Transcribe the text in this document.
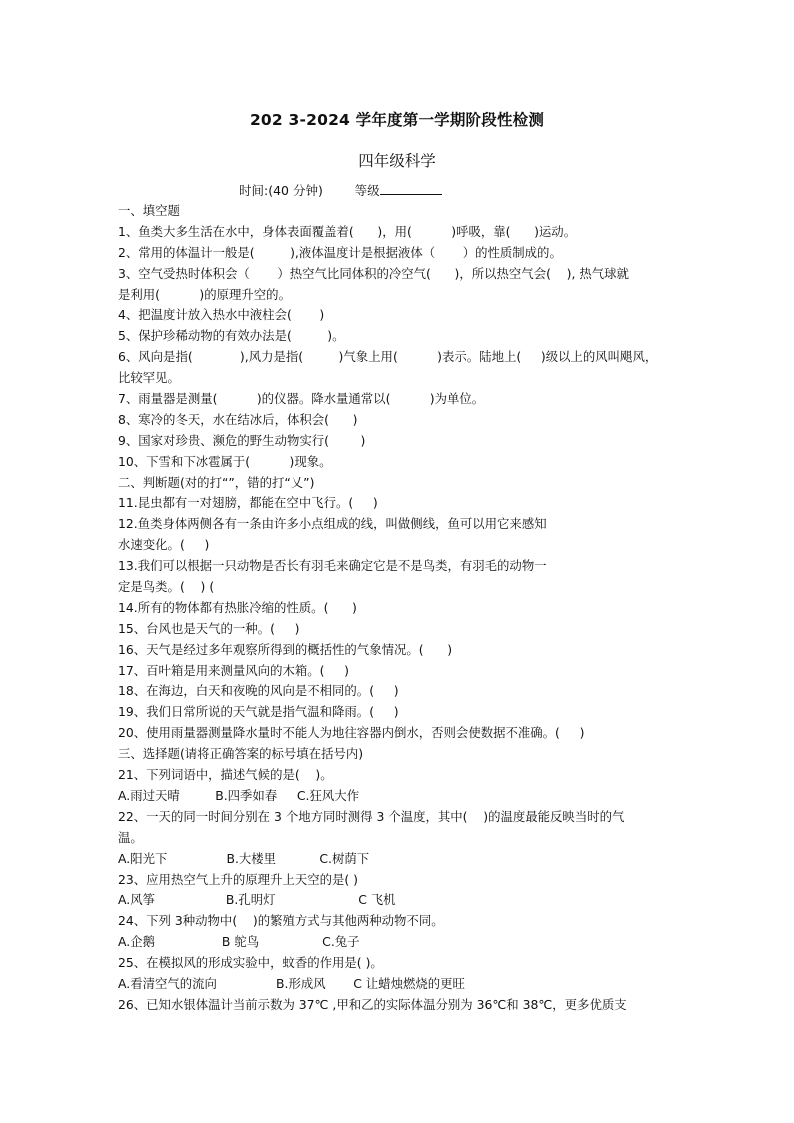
202 3-2024 学年度第一学期阶段性检测
四年级科学
时间:(40 分钟)	等级
一、填空题
1、鱼类大多生活在水中，身体表面覆盖着(      )，用(          )呼吸，靠(      )运动。
2、常用的体温计一般是(         ),液体温度计是根据液体（       ）的性质制成的。
3、空气受热时体积会（       ）热空气比同体积的冷空气(      )，所以热空气会(    ), 热气球就
是利用(          )的原理升空的。
4、把温度计放入热水中液柱会(       )
5、保护珍稀动物的有效办法是(         )。
6、风向是指(            ),风力是指(         )气象上用(          )表示。陆地上(     )级以上的风叫飓风，
比较罕见。
7、雨量器是测量(          )的仪器。降水量通常以(          )为单位。
8、寒冷的冬天，水在结冰后，体积会(      )
9、国家对珍贵、濒危的野生动物实行(        )
10、下雪和下冰雹属于(          )现象。
二、判断题(对的打“”，错的打“乂”)
11.昆虫都有一对翅膀，都能在空中飞行。(     )
12.鱼类身体两侧各有一条由许多小点组成的线，叫做侧线，鱼可以用它来感知
水速变化。(     )
13.我们可以根据一只动物是否长有羽毛来确定它是不是鸟类，有羽毛的动物一
定是鸟类。(    ) (
14.所有的物体都有热胀冷缩的性质。(      )
15、台风也是天气的一种。(     )
16、天气是经过多年观察所得到的概括性的气象情况。(      )
17、百叶箱是用来测量风向的木箱。(     )
18、在海边，白天和夜晚的风向是不相同的。(     )
19、我们日常所说的天气就是指气温和降雨。(     )
20、使用雨量器测量降水量时不能人为地往容器内倒水，否则会使数据不准确。(     )
三、选择题(请将正确答案的标号填在括号内)
21、下列词语中，描述气候的是(    )。
A.雨过天晴         B.四季如春     C.狂风大作
22、一天的同一时间分别在 3 个地方同时测得 3 个温度，其中(    )的温度最能反映当时的气
温。
A.阳光下               B.大楼里           C.树荫下
23、应用热空气上升的原理升上天空的是( )
A.风筝                  B.孔明灯                     C 飞机
24、下列 3种动物中(    )的繁殖方式与其他两种动物不同。
A.企鹅                 B 鸵鸟                C.兔子
25、在模拟风的形成实验中，蚊香的作用是( )。
A.看清空气的流向               B.形成风       C 让蜡烛燃烧的更旺
26、已知水银体温计当前示数为 37℃ ,甲和乙的实际体温分别为 36℃和 38℃，更多优质支
